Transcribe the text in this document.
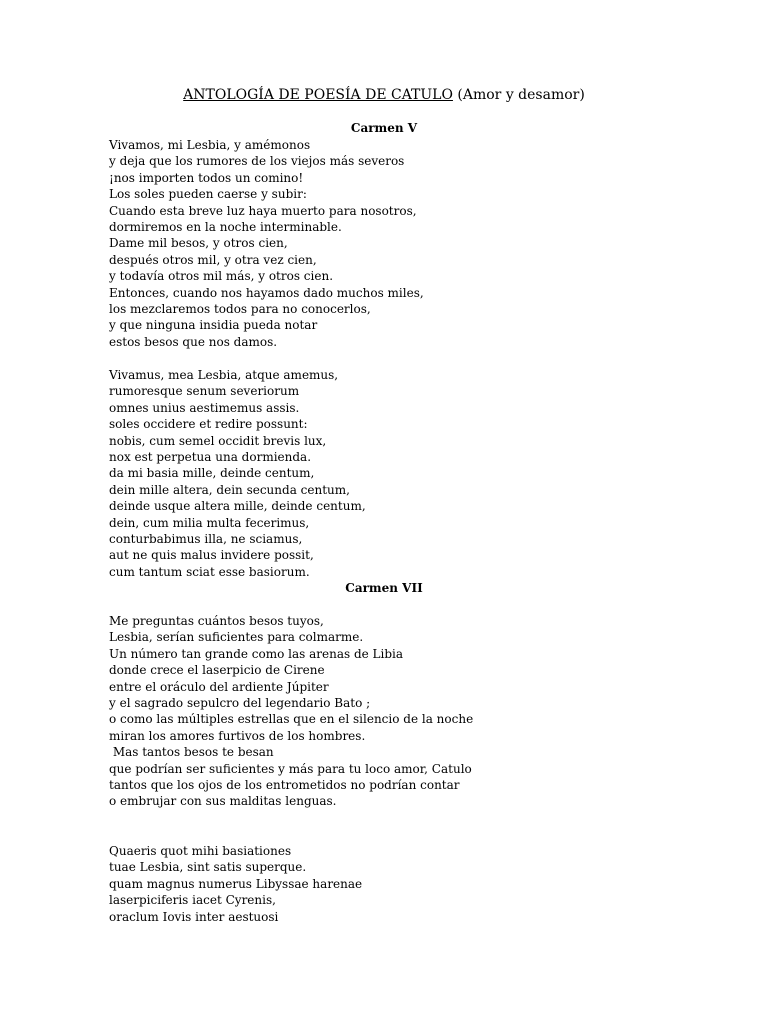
ANTOLOGÍA DE POESÍA DE CATULO (Amor y desamor)
Carmen V
Vivamos, mi Lesbia, y amémonos
y deja que los rumores de los viejos más severos
¡nos importen todos un comino!
Los soles pueden caerse y subir:
Cuando esta breve luz haya muerto para nosotros,
dormiremos en la noche interminable.
Dame mil besos, y otros cien,
después otros mil, y otra vez cien,
y todavía otros mil más, y otros cien.
Entonces, cuando nos hayamos dado muchos miles,
los mezclaremos todos para no conocerlos,
y que ninguna insidia pueda notar
estos besos que nos damos.
Vivamus, mea Lesbia, atque amemus,
rumoresque senum severiorum
omnes unius aestimemus assis.
soles occidere et redire possunt:
nobis, cum semel occidit brevis lux,
nox est perpetua una dormienda.
da mi basia mille, deinde centum,
dein mille altera, dein secunda centum,
deinde usque altera mille, deinde centum,
dein, cum milia multa fecerimus,
conturbabimus illa, ne sciamus,
aut ne quis malus invidere possit,
cum tantum sciat esse basiorum.
Carmen VII
Me preguntas cuántos besos tuyos,
Lesbia, serían suficientes para colmarme.
Un número tan grande como las arenas de Libia
donde crece el laserpicio de Cirene
entre el oráculo del ardiente Júpiter
y el sagrado sepulcro del legendario Bato ;
o como las múltiples estrellas que en el silencio de la noche
miran los amores furtivos de los hombres.
Mas tantos besos te besan
que podrían ser suficientes y más para tu loco amor, Catulo
tantos que los ojos de los entrometidos no podrían contar
o embrujar con sus malditas lenguas.
Quaeris quot mihi basiationes
tuae Lesbia, sint satis superque.
quam magnus numerus Libyssae harenae
laserpiciferis iacet Cyrenis,
oraclum Iovis inter aestuosi
